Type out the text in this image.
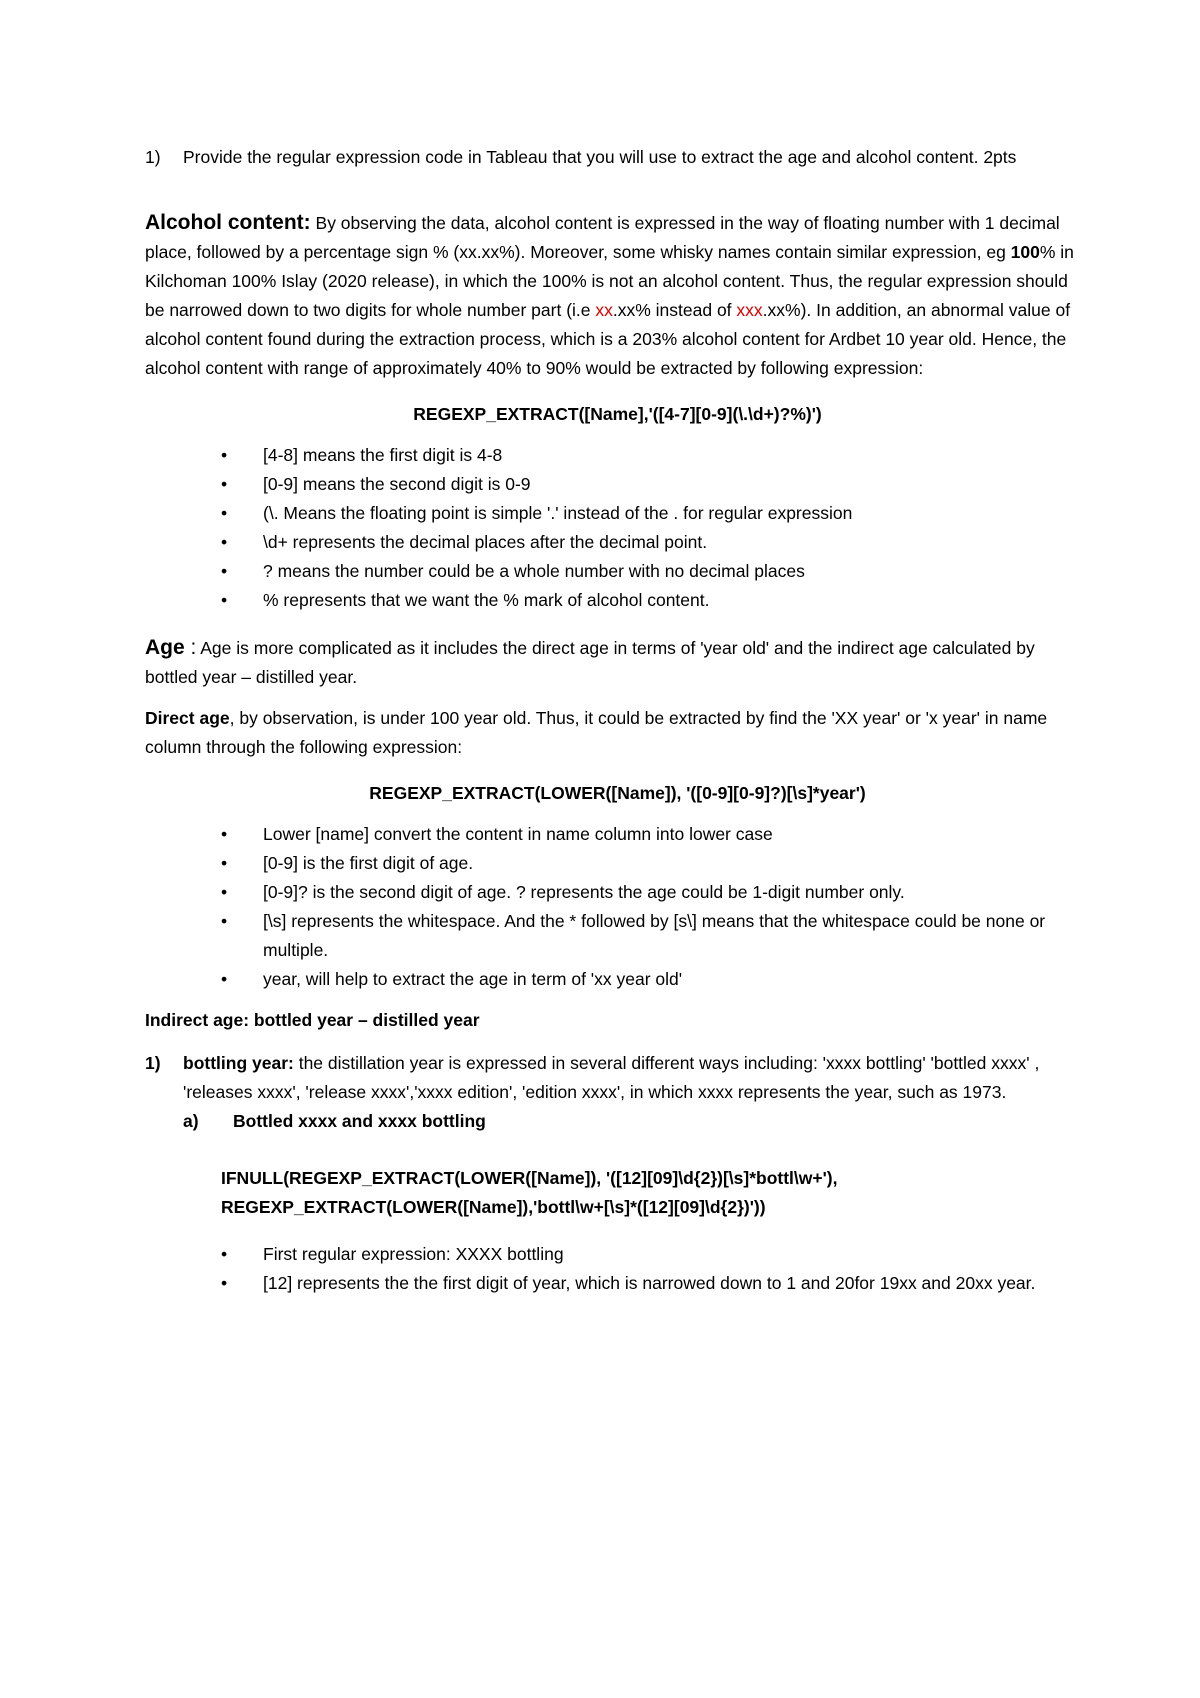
1)	Provide the regular expression code in Tableau that you will use to extract the age and alcohol content. 2pts

Alcohol content: By observing the data, alcohol content is expressed in the way of floating number with 1 decimal place, followed by a percentage sign % (xx.xx%). Moreover, some whisky names contain similar expression, eg 100% in Kilchoman 100% Islay (2020 release), in which the 100% is not an alcohol content. Thus, the regular expression should be narrowed down to two digits for whole number part (i.e xx.xx% instead of xxx.xx%). In addition, an abnormal value of alcohol content found during the extraction process, which is a 203% alcohol content for Ardbet 10 year old. Hence, the alcohol content with range of approximately 40% to 90% would be extracted by following expression:

REGEXP_EXTRACT([Name],'([4-7][0-9](\.\d+)?%)')

• [4-8] means the first digit is 4-8
• [0-9] means the second digit is 0-9
• (\. Means the floating point is simple '.' instead of the . for regular expression
• \d+ represents the decimal places after the decimal point.
• ? means the number could be a whole number with no decimal places
• % represents that we want the % mark of alcohol content.

Age : Age is more complicated as it includes the direct age in terms of 'year old' and the indirect age calculated by bottled year – distilled year.

Direct age, by observation, is under 100 year old. Thus, it could be extracted by find the 'XX year' or 'x year' in name column through the following expression:

REGEXP_EXTRACT(LOWER([Name]), '([0-9][0-9]?)[\s]*year')

• Lower [name] convert the content in name column into lower case
• [0-9] is the first digit of age.
• [0-9]? is the second digit of age. ? represents the age could be 1-digit number only.
• [\s] represents the whitespace. And the * followed by [s\] means that the whitespace could be none or multiple.
• year, will help to extract the age in term of 'xx year old'

Indirect age: bottled year – distilled year

1)	bottling year: the distillation year is expressed in several different ways including: 'xxxx bottling' 'bottled xxxx' , 'releases xxxx', 'release xxxx','xxxx edition', 'edition xxxx', in which xxxx represents the year, such as 1973.

a)	Bottled xxxx and xxxx bottling

IFNULL(REGEXP_EXTRACT(LOWER([Name]), '([12][09]\d{2})[\s]*bottl\w+'),

REGEXP_EXTRACT(LOWER([Name]),'bottl\w+[\s]*([12][09]\d{2})'))

• First regular expression: XXXX bottling
• [12] represents the the first digit of year, which is narrowed down to 1 and 20for 19xx and 20xx year.
